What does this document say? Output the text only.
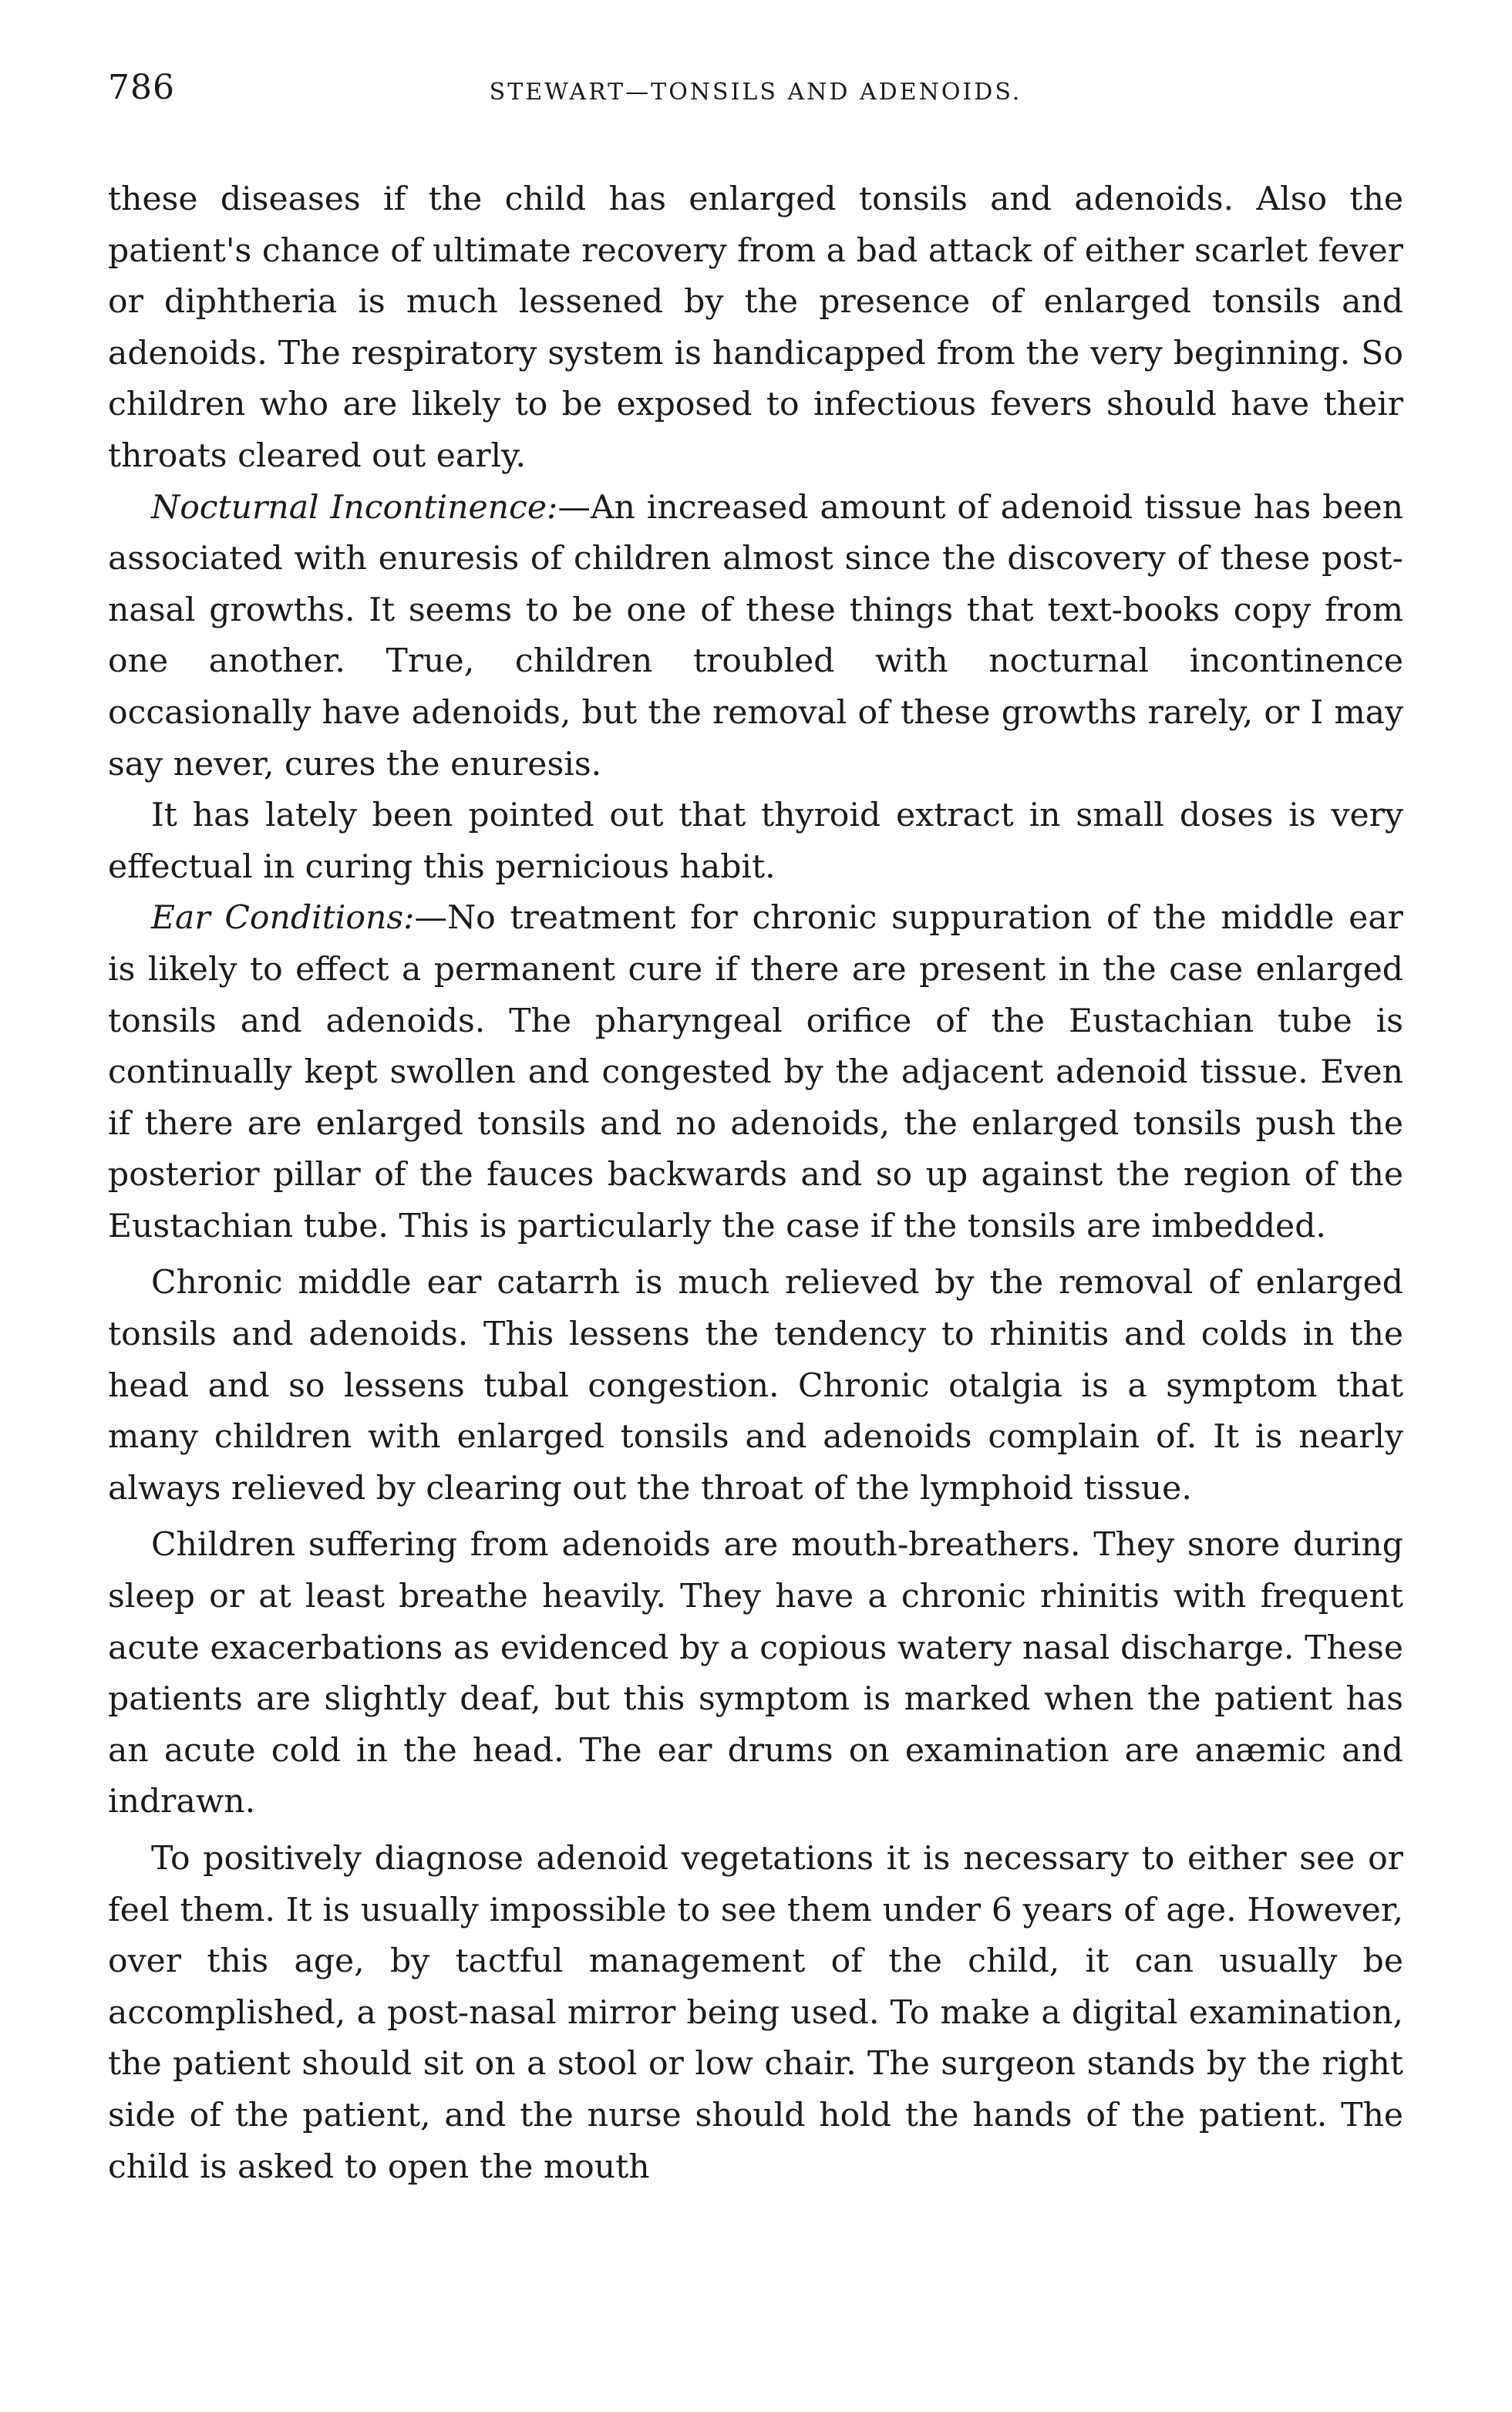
786	STEWART—TONSILS AND ADENOIDS.

these diseases if the child has enlarged tonsils and adenoids. Also the patient's chance of ultimate recovery from a bad attack of either scarlet fever or diphtheria is much lessened by the presence of enlarged tonsils and adenoids. The respiratory system is handicapped from the very beginning. So children who are likely to be exposed to infectious fevers should have their throats cleared out early.

Nocturnal Incontinence:—An increased amount of adenoid tissue has been associated with enuresis of children almost since the discovery of these post-nasal growths. It seems to be one of these things that text-books copy from one another. True, children troubled with nocturnal incontinence occasionally have adenoids, but the removal of these growths rarely, or I may say never, cures the enuresis.

It has lately been pointed out that thyroid extract in small doses is very effectual in curing this pernicious habit.

Ear Conditions:—No treatment for chronic suppuration of the middle ear is likely to effect a permanent cure if there are present in the case enlarged tonsils and adenoids. The pharyngeal orifice of the Eustachian tube is continually kept swollen and congested by the adjacent adenoid tissue. Even if there are enlarged tonsils and no adenoids, the enlarged tonsils push the posterior pillar of the fauces backwards and so up against the region of the Eustachian tube. This is particularly the case if the tonsils are imbedded.

Chronic middle ear catarrh is much relieved by the removal of enlarged tonsils and adenoids. This lessens the tendency to rhinitis and colds in the head and so lessens tubal congestion. Chronic otalgia is a symptom that many children with enlarged tonsils and adenoids complain of. It is nearly always relieved by clearing out the throat of the lymphoid tissue.

Children suffering from adenoids are mouth-breathers. They snore during sleep or at least breathe heavily. They have a chronic rhinitis with frequent acute exacerbations as evidenced by a copious watery nasal discharge. These patients are slightly deaf, but this symptom is marked when the patient has an acute cold in the head. The ear drums on examination are anæmic and indrawn.

To positively diagnose adenoid vegetations it is necessary to either see or feel them. It is usually impossible to see them under 6 years of age. However, over this age, by tactful management of the child, it can usually be accomplished, a post-nasal mirror being used. To make a digital examination, the patient should sit on a stool or low chair. The surgeon stands by the right side of the patient, and the nurse should hold the hands of the patient. The child is asked to open the mouth
